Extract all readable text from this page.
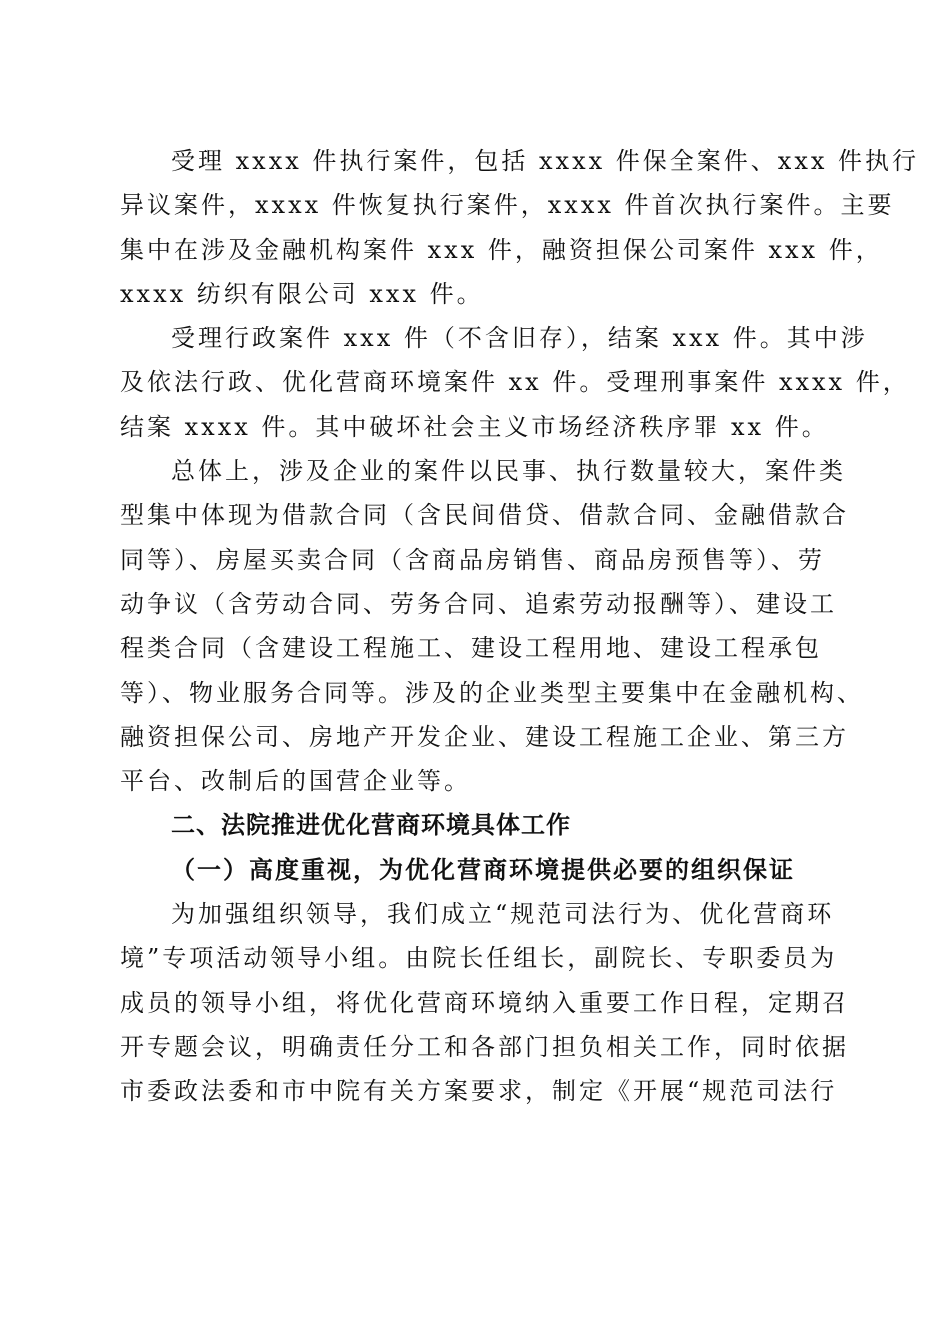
受理 xxxx 件执行案件，包括 xxxx 件保全案件、xxx 件执行
异议案件，xxxx 件恢复执行案件，xxxx 件首次执行案件。主要
集中在涉及金融机构案件 xxx 件，融资担保公司案件 xxx 件，
xxxx 纺织有限公司 xxx 件。
受理行政案件 xxx 件（不含旧存），结案 xxx 件。其中涉
及依法行政、优化营商环境案件 xx 件。受理刑事案件 xxxx 件，
结案 xxxx 件。其中破坏社会主义市场经济秩序罪 xx 件。
总体上，涉及企业的案件以民事、执行数量较大，案件类
型集中体现为借款合同（含民间借贷、借款合同、金融借款合
同等）、房屋买卖合同（含商品房销售、商品房预售等）、劳
动争议（含劳动合同、劳务合同、追索劳动报酬等）、建设工
程类合同（含建设工程施工、建设工程用地、建设工程承包
等）、物业服务合同等。涉及的企业类型主要集中在金融机构、
融资担保公司、房地产开发企业、建设工程施工企业、第三方
平台、改制后的国营企业等。
二、法院推进优化营商环境具体工作
（一）高度重视，为优化营商环境提供必要的组织保证
为加强组织领导，我们成立“规范司法行为、优化营商环
境”专项活动领导小组。由院长任组长，副院长、专职委员为
成员的领导小组，将优化营商环境纳入重要工作日程，定期召
开专题会议，明确责任分工和各部门担负相关工作，同时依据
市委政法委和市中院有关方案要求，制定《开展“规范司法行
